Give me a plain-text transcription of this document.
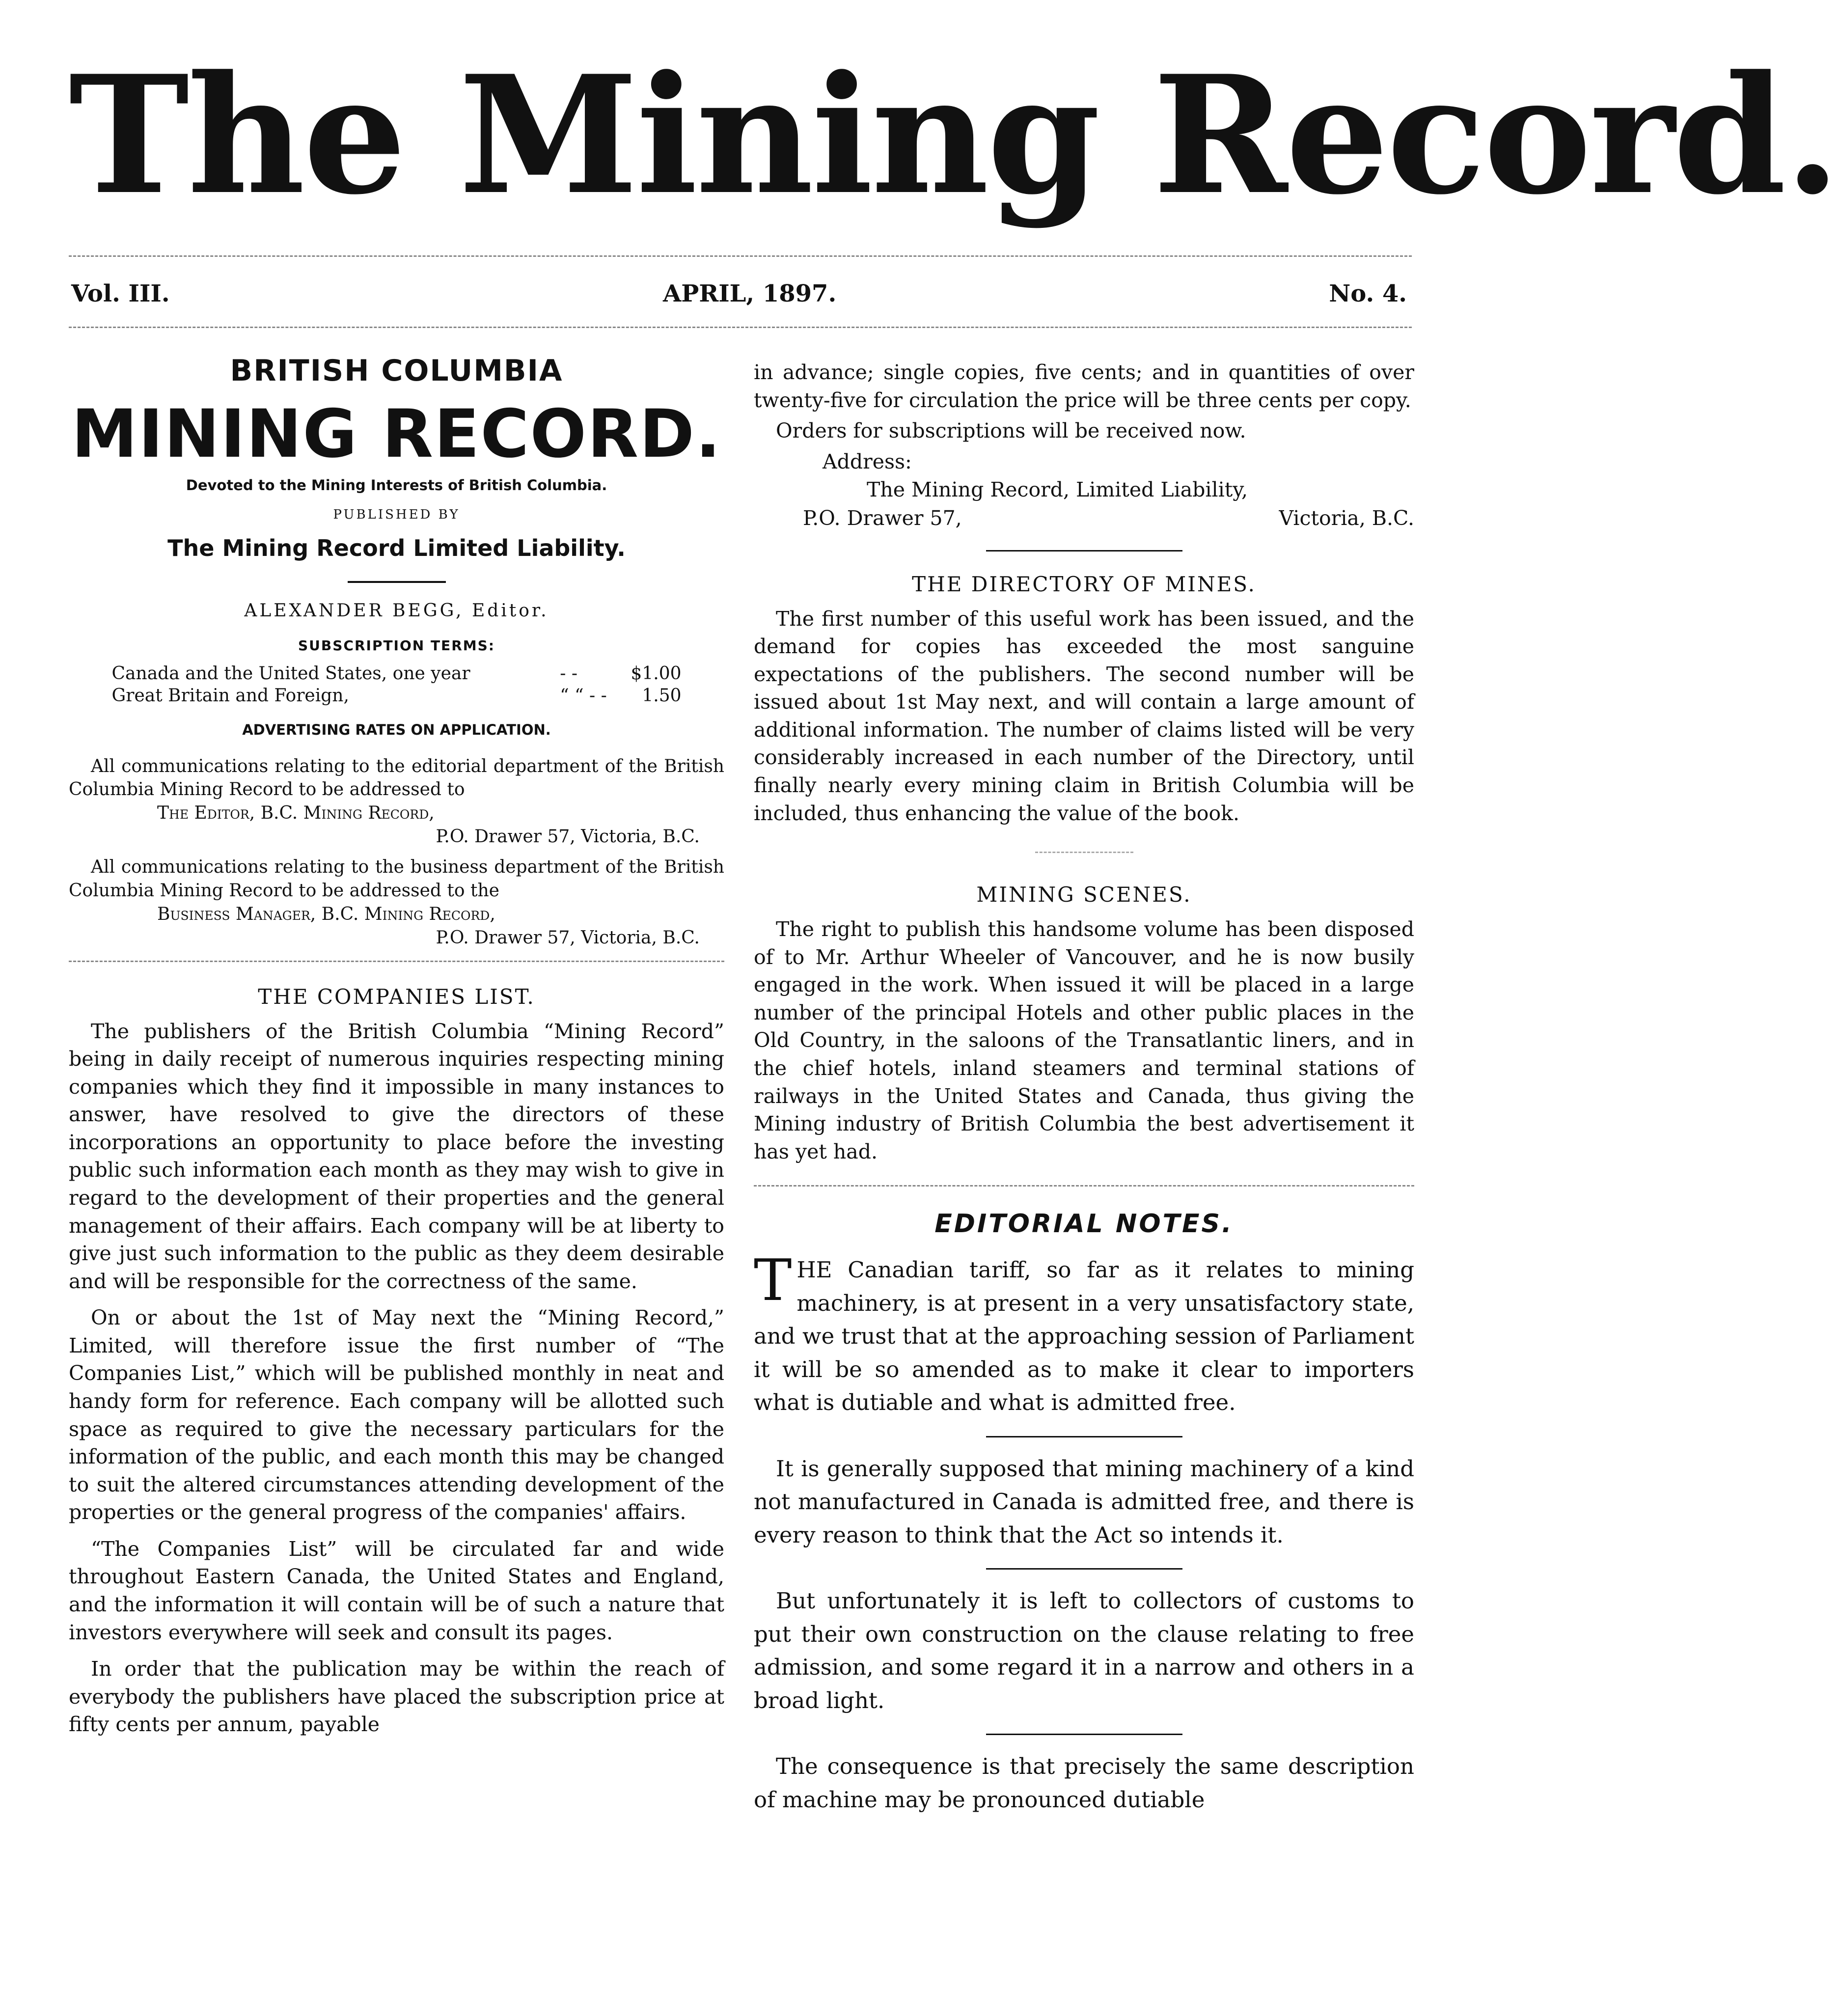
The Mining Record.
Vol. III.	APRIL, 1897.	No. 4.
BRITISH COLUMBIA
MINING RECORD.
Devoted to the Mining Interests of British Columbia.
PUBLISHED BY
The Mining Record Limited Liability.
ALEXANDER BEGG, Editor.
SUBSCRIPTION TERMS:
Canada and the United States, one year	- -	$1.00
Great Britain and Foreign,	“ “ - -	1.50
ADVERTISING RATES ON APPLICATION.
All communications relating to the editorial department of the British Columbia Mining Record to be addressed to
The Editor, B.C. Mining Record,
P.O. Drawer 57, Victoria, B.C.
All communications relating to the business department of the British Columbia Mining Record to be addressed to the
Business Manager, B.C. Mining Record,
P.O. Drawer 57, Victoria, B.C.
THE COMPANIES LIST.

The publishers of the British Columbia “Mining Record” being in daily receipt of numerous inquiries respecting mining companies which they find it impossible in many instances to answer, have resolved to give the directors of these incorporations an opportunity to place before the investing public such information each month as they may wish to give in regard to the development of their properties and the general management of their affairs. Each company will be at liberty to give just such information to the public as they deem desirable and will be responsible for the correctness of the same.

On or about the 1st of May next the “Mining Record,” Limited, will therefore issue the first number of “The Companies List,” which will be published monthly in neat and handy form for reference. Each company will be allotted such space as required to give the necessary particulars for the information of the public, and each month this may be changed to suit the altered circumstances attending development of the properties or the general progress of the companies' affairs.

“The Companies List” will be circulated far and wide throughout Eastern Canada, the United States and England, and the information it will contain will be of such a nature that investors everywhere will seek and consult its pages.

In order that the publication may be within the reach of everybody the publishers have placed the subscription price at fifty cents per annum, payable

in advance; single copies, five cents; and in quantities of over twenty-five for circulation the price will be three cents per copy.

Orders for subscriptions will be received now.

Address:
The Mining Record, Limited Liability,
P.O. Drawer 57,	Victoria, B.C.
THE DIRECTORY OF MINES.

The first number of this useful work has been issued, and the demand for copies has exceeded the most sanguine expectations of the publishers. The second number will be issued about 1st May next, and will contain a large amount of additional information. The number of claims listed will be very considerably increased in each number of the Directory, until finally nearly every mining claim in British Columbia will be included, thus enhancing the value of the book.

MINING SCENES.

The right to publish this handsome volume has been disposed of to Mr. Arthur Wheeler of Vancouver, and he is now busily engaged in the work. When issued it will be placed in a large number of the principal Hotels and other public places in the Old Country, in the saloons of the Transatlantic liners, and in the chief hotels, inland steamers and terminal stations of railways in the United States and Canada, thus giving the Mining industry of British Columbia the best advertisement it has yet had.

EDITORIAL NOTES.

THE Canadian tariff, so far as it relates to mining machinery, is at present in a very unsatisfactory state, and we trust that at the approaching session of Parliament it will be so amended as to make it clear to importers what is dutiable and what is admitted free.

It is generally supposed that mining machinery of a kind not manufactured in Canada is admitted free, and there is every reason to think that the Act so intends it.

But unfortunately it is left to collectors of customs to put their own construction on the clause relating to free admission, and some regard it in a narrow and others in a broad light.

The consequence is that precisely the same description of machine may be pronounced dutiable
